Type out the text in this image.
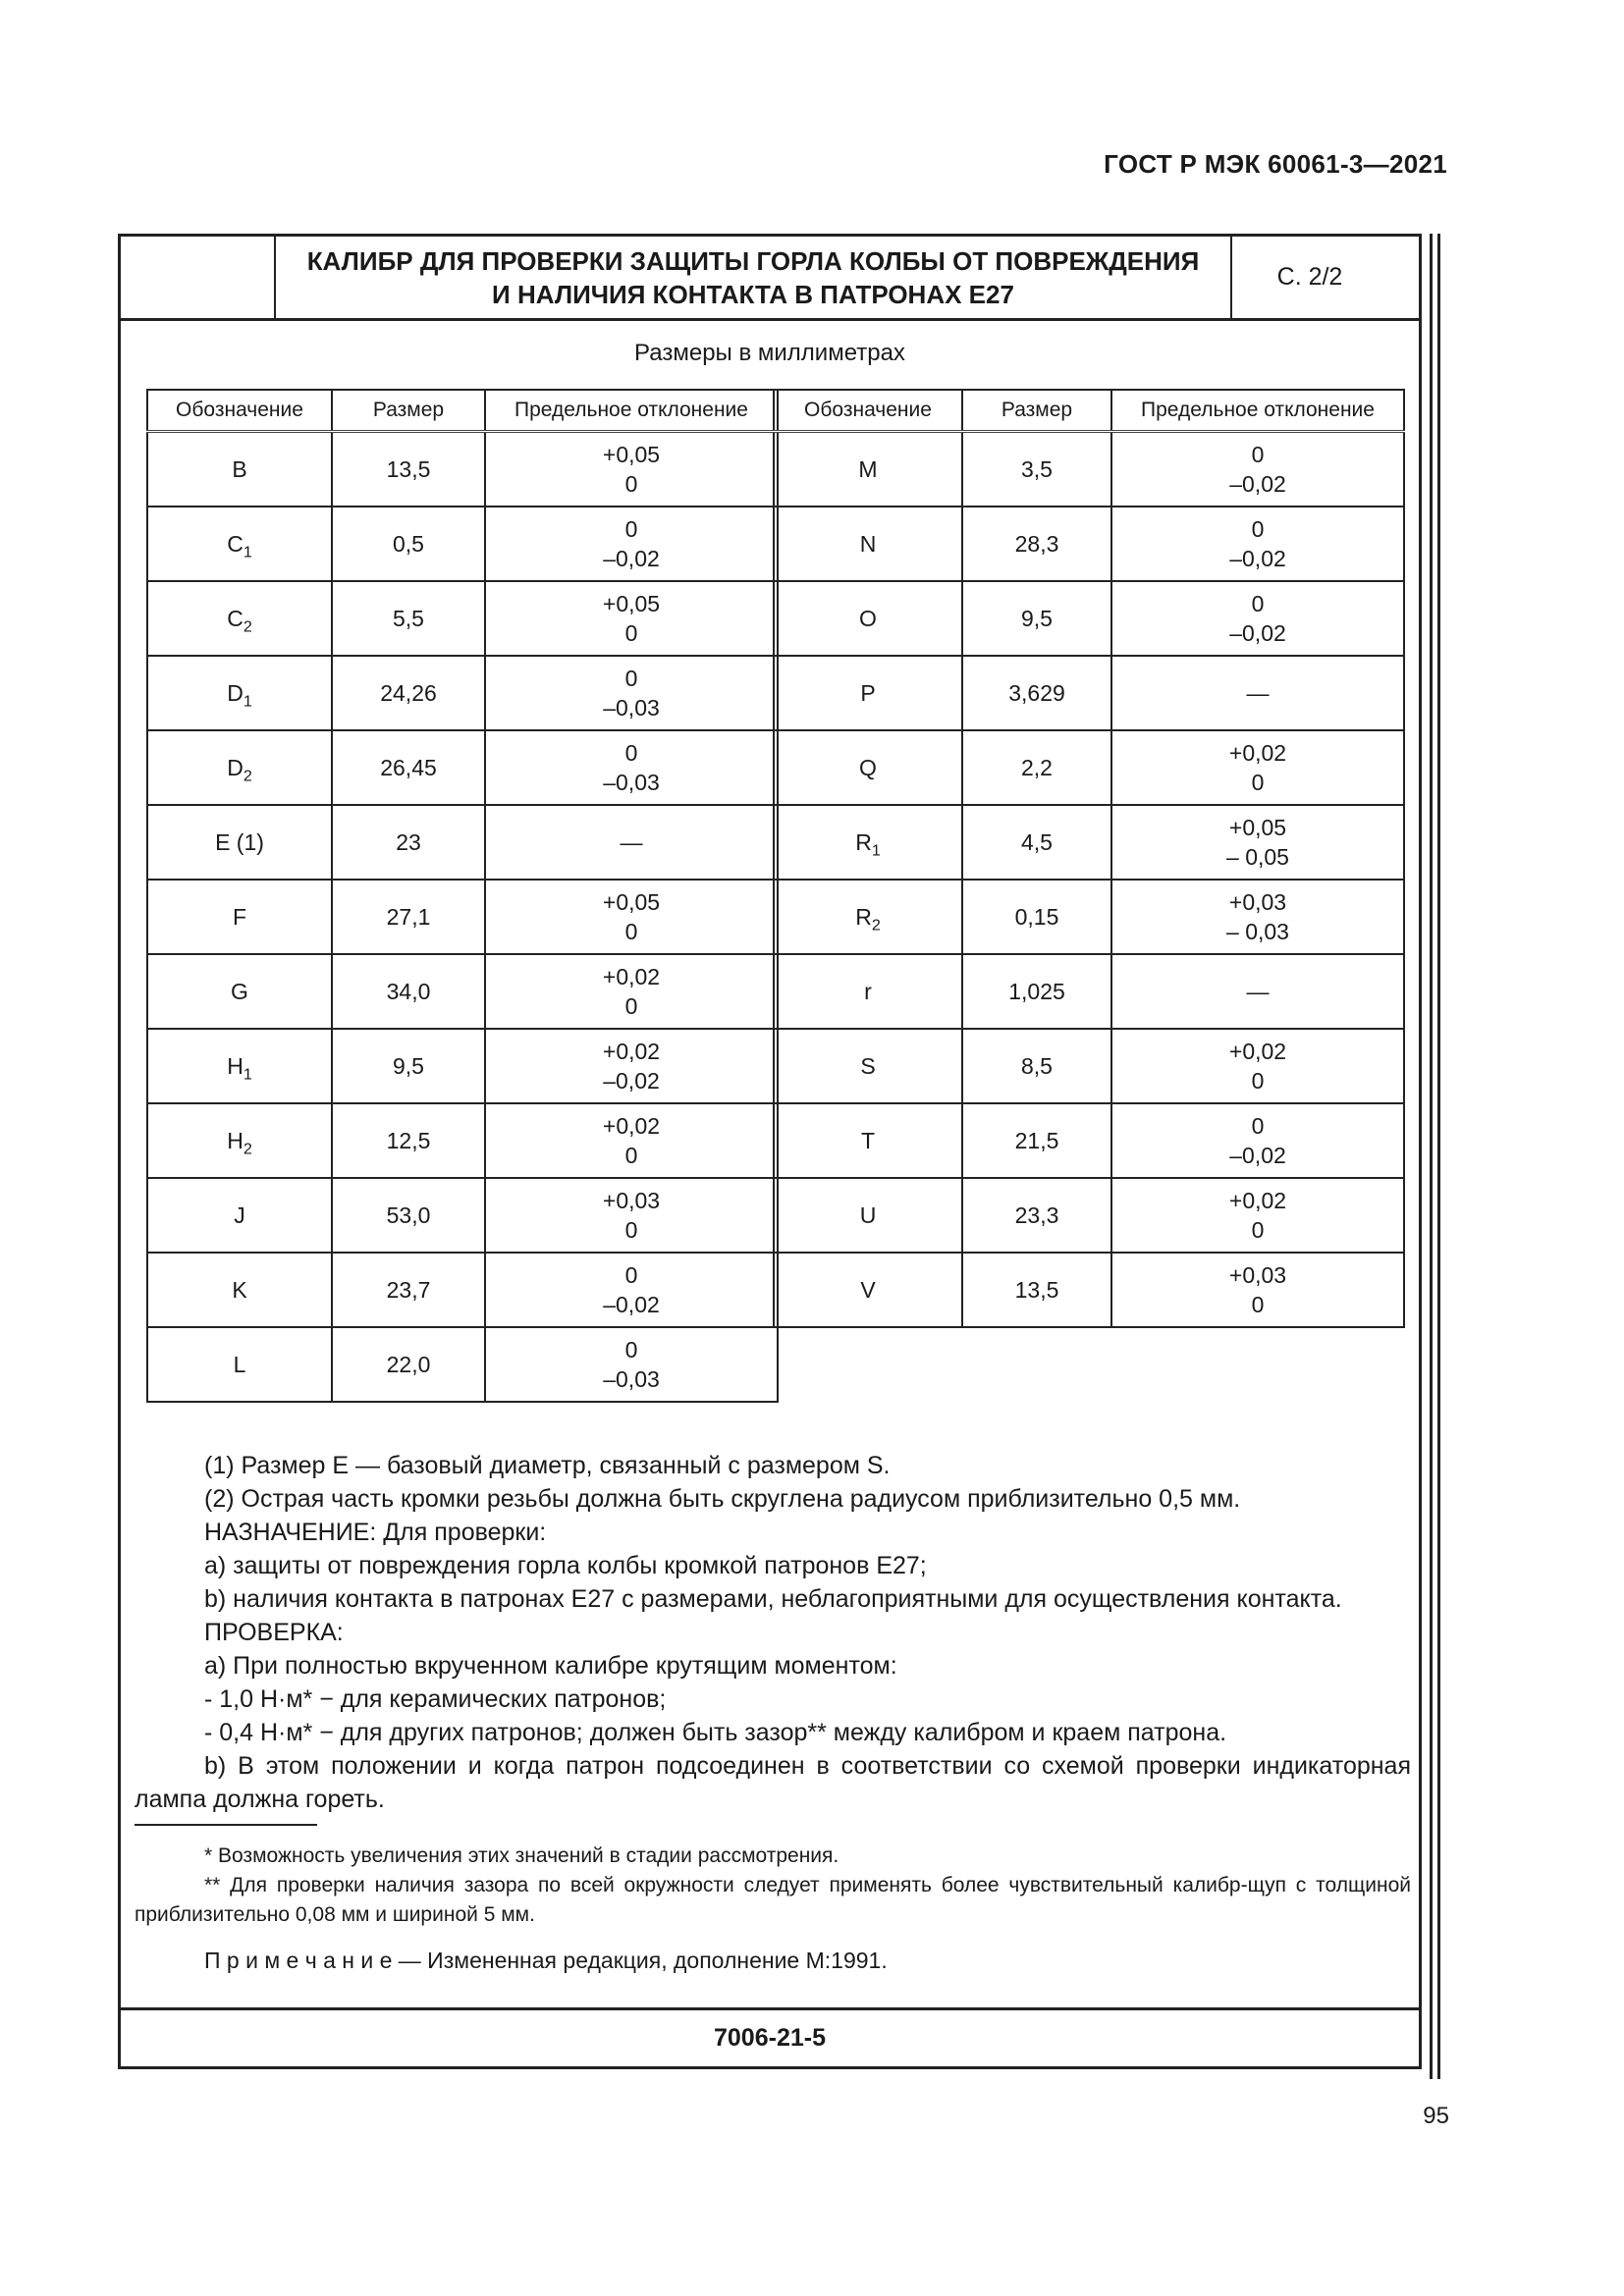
ГОСТ Р МЭК 60061-3—2021
КАЛИБР ДЛЯ ПРОВЕРКИ ЗАЩИТЫ ГОРЛА КОЛБЫ ОТ ПОВРЕЖДЕНИЯ
И НАЛИЧИЯ КОНТАКТА В ПАТРОНАХ E27
С. 2/2
Размеры в миллиметрах
Обозначение	Размер	Предельное отклонение
B	13,5	+0,05
0

$C_1$	0,5	0
–0,02

$C_2$	5,5	+0,05
0

$D_1$	24,26	0
–0,03

$D_2$	26,45	0
–0,03

E (1)	23	—

F	27,1	+0,05
0

G	34,0	+0,02
0

$H_1$	9,5	+0,02
–0,02

$H_2$	12,5	+0,02
0

J	53,0	+0,03
0

K	23,7	0
–0,02

L	22,0	0
–0,03
Обозначение	Размер	Предельное отклонение
M	3,5	0
–0,02

N	28,3	0
–0,02

O	9,5	0
–0,02

P	3,629	—

Q	2,2	+0,02
0

$R_1$	4,5	+0,05
– 0,05

$R_2$	0,15	+0,03
– 0,03

r	1,025	—

S	8,5	+0,02
0

T	21,5	0
–0,02

U	23,3	+0,02
0

V	13,5	+0,03
0

(1) Размер E — базовый диаметр, связанный с размером S.

(2) Острая часть кромки резьбы должна быть скруглена радиусом приблизительно 0,5 мм.

НАЗНАЧЕНИЕ: Для проверки:

a) защиты от повреждения горла колбы кромкой патронов E27;

b) наличия контакта в патронах E27 с размерами, неблагоприятными для осуществления контакта.

ПРОВЕРКА:

a) При полностью вкрученном калибре крутящим моментом:

- 1,0 Н·м* − для керамических патронов;

- 0,4 Н·м* − для других патронов; должен быть зазор** между калибром и краем патрона.

b) В этом положении и когда патрон подсоединен в соответствии со схемой проверки индикаторная лампа должна гореть.

* Возможность увеличения этих значений в стадии рассмотрения.

** Для проверки наличия зазора по всей окружности следует применять более чувствительный калибр-щуп с толщиной приблизительно 0,08 мм и шириной 5 мм.

П р и м е ч а н и е — Измененная редакция, дополнение М:1991.

7006-21-5
95
